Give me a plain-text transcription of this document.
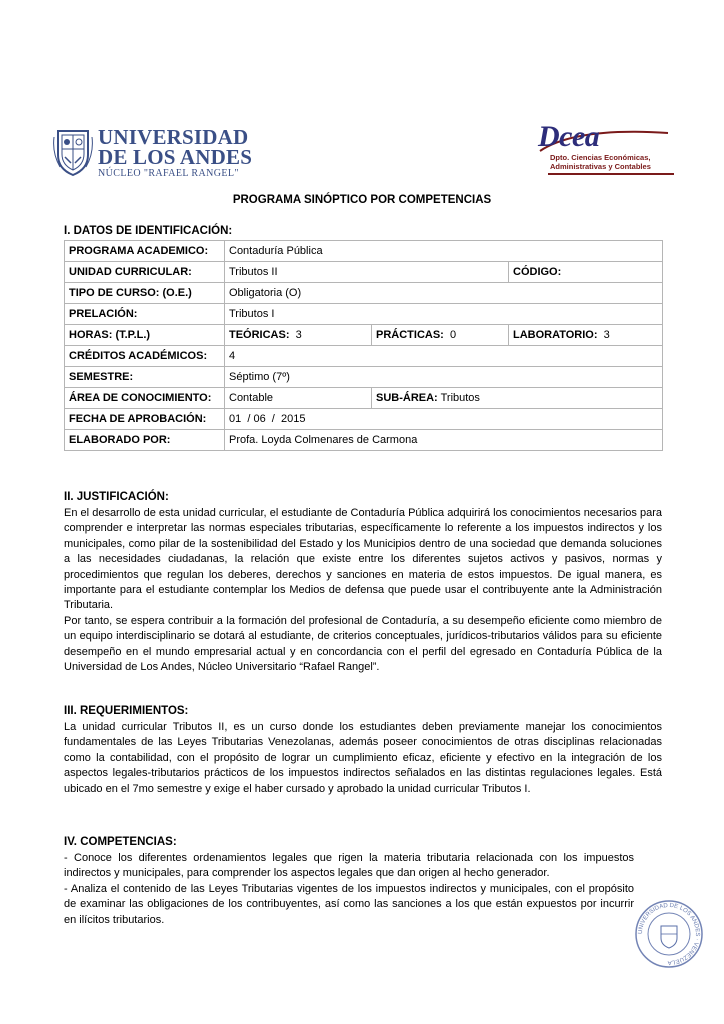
UNIVERSIDAD
DE LOS ANDES
NÚCLEO "RAFAEL RANGEL"
Dcea
Dpto. Ciencias Económicas,
Administrativas y Contables
PROGRAMA SINÓPTICO POR COMPETENCIAS
I. DATOS DE IDENTIFICACIÓN:
PROGRAMA ACADEMICO:	Contaduría Pública		
UNIDAD CURRICULAR:	Tributos II		CÓDIGO:
TIPO DE CURSO: (O.E.)	Obligatoria (O)		
PRELACIÓN:	Tributos I		
HORAS: (T.P.L.)	TEÓRICAS: 3	PRÁCTICAS: 0	LABORATORIO: 3
CRÉDITOS ACADÉMICOS:	4		
SEMESTRE:	Séptimo (7º)		
ÁREA DE CONOCIMIENTO:	Contable	SUB-ÁREA: Tributos	
FECHA DE APROBACIÓN:	01  / 06  /  2015		
ELABORADO POR:	Profa. Loyda Colmenares de Carmona		
II. JUSTIFICACIÓN:

En el desarrollo de esta unidad curricular, el estudiante de Contaduría Pública adquirirá los conocimientos necesarios para comprender e interpretar las normas especiales tributarias, específicamente lo referente a los impuestos indirectos y los municipales, como pilar de la sostenibilidad del Estado y los Municipios dentro de una sociedad que demanda soluciones a las necesidades ciudadanas, la relación que existe entre los diferentes sujetos activos y pasivos, normas y procedimientos que regulan los deberes, derechos y sanciones en materia de estos impuestos. De igual manera, es importante para el estudiante contemplar los Medios de defensa que puede usar el contribuyente ante la Administración Tributaria.

Por tanto, se espera contribuir a la formación del profesional de Contaduría, a su desempeño eficiente como miembro de un equipo interdisciplinario se dotará al estudiante, de criterios conceptuales, jurídicos-tributarios válidos para su eficiente desempeño en el mundo empresarial actual y en concordancia con el perfil del egresado en Contaduría Pública de la Universidad de Los Andes, Núcleo Universitario “Rafael Rangel”.

III. REQUERIMIENTOS:

La unidad curricular Tributos II, es un curso donde los estudiantes deben previamente manejar los conocimientos fundamentales de las Leyes Tributarias Venezolanas, además poseer conocimientos de otras disciplinas relacionadas como la contabilidad, con el propósito de lograr un cumplimiento eficaz, eficiente y efectivo en la integración de los aspectos legales-tributarios prácticos de los impuestos indirectos señalados en las distintas regulaciones legales. Está ubicado en el 7mo semestre y exige el haber cursado y aprobado la unidad curricular Tributos I.

IV. COMPETENCIAS:

- Conoce los diferentes ordenamientos legales que rigen la materia tributaria relacionada con los impuestos indirectos y municipales, para comprender los aspectos legales que dan origen al hecho generador.

- Analiza el contenido de las Leyes Tributarias vigentes de los impuestos indirectos y municipales, con el propósito de examinar las obligaciones de los contribuyentes, así como las sanciones a los que están expuestos por incurrir en ilícitos tributarios.

UNIVERSIDAD DE LOS ANDES · VENEZUELA
